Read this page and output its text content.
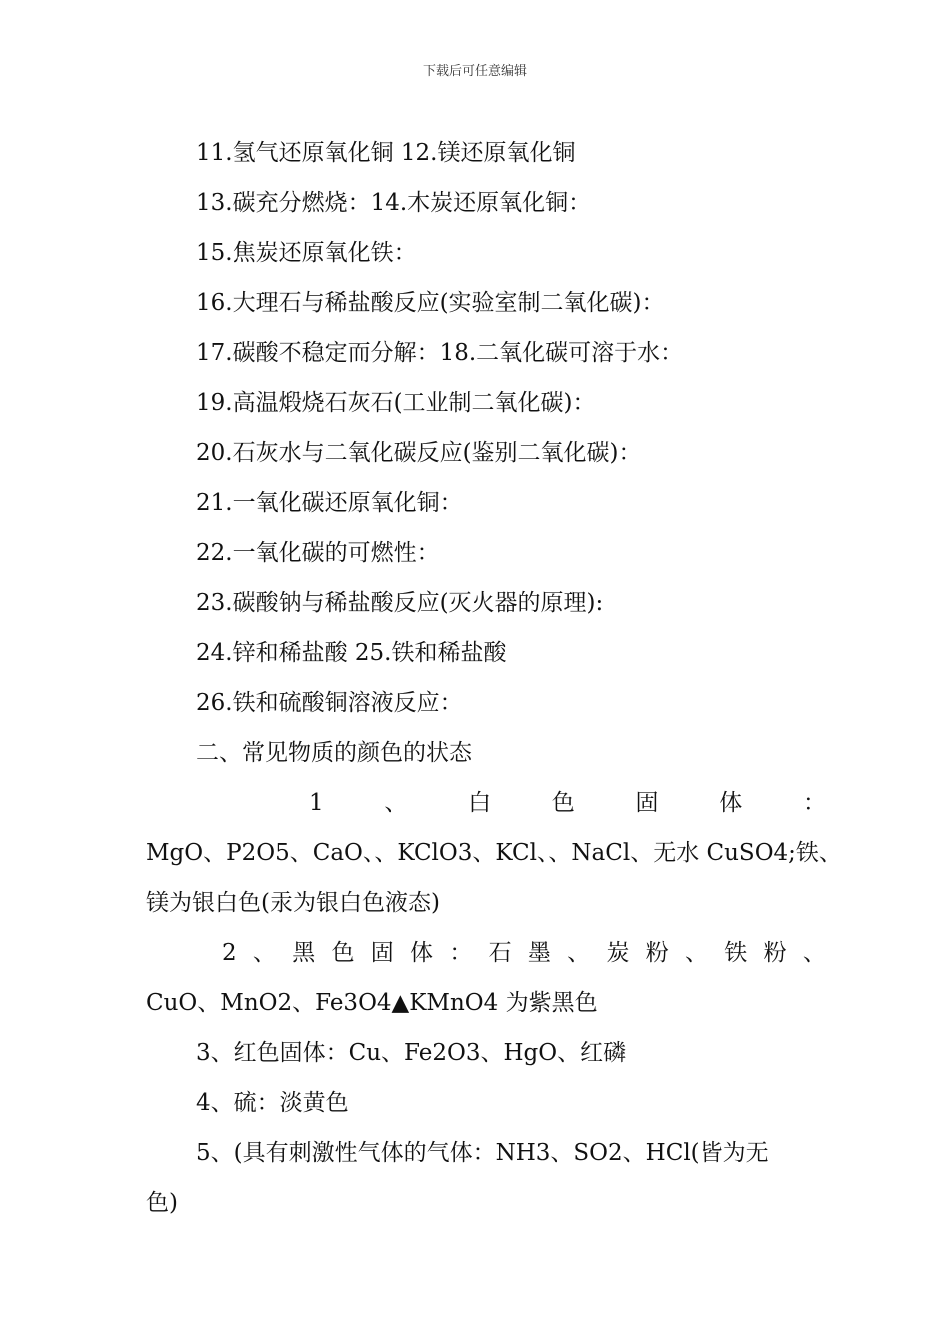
下载后可任意编辑

11.氢气还原氧化铜 12.镁还原氧化铜

13.碳充分燃烧：14.木炭还原氧化铜：

15.焦炭还原氧化铁：

16.大理石与稀盐酸反应(实验室制二氧化碳)：

17.碳酸不稳定而分解：18.二氧化碳可溶于水：

19.高温煅烧石灰石(工业制二氧化碳)：

20.石灰水与二氧化碳反应(鉴别二氧化碳)：

21.一氧化碳还原氧化铜：

22.一氧化碳的可燃性：

23.碳酸钠与稀盐酸反应(灭火器的原理):

24.锌和稀盐酸 25.铁和稀盐酸

26.铁和硫酸铜溶液反应：

二、常见物质的颜色的状态

1	、	白	色	固	体	：

MgO、P2O5、CaO、、KClO3、KCl、、NaCl、无水 CuSO4;铁、

镁为银白色(汞为银白色液态)

2 、 黑 色 固 体 ： 石 墨 、 炭 粉 、 铁 粉 、

CuO、MnO2、Fe3O4▲KMnO4 为紫黑色

3、红色固体：Cu、Fe2O3、HgO、红磷

4、硫：淡黄色

5、(具有刺激性气体的气体：NH3、SO2、HCl(皆为无

色)
